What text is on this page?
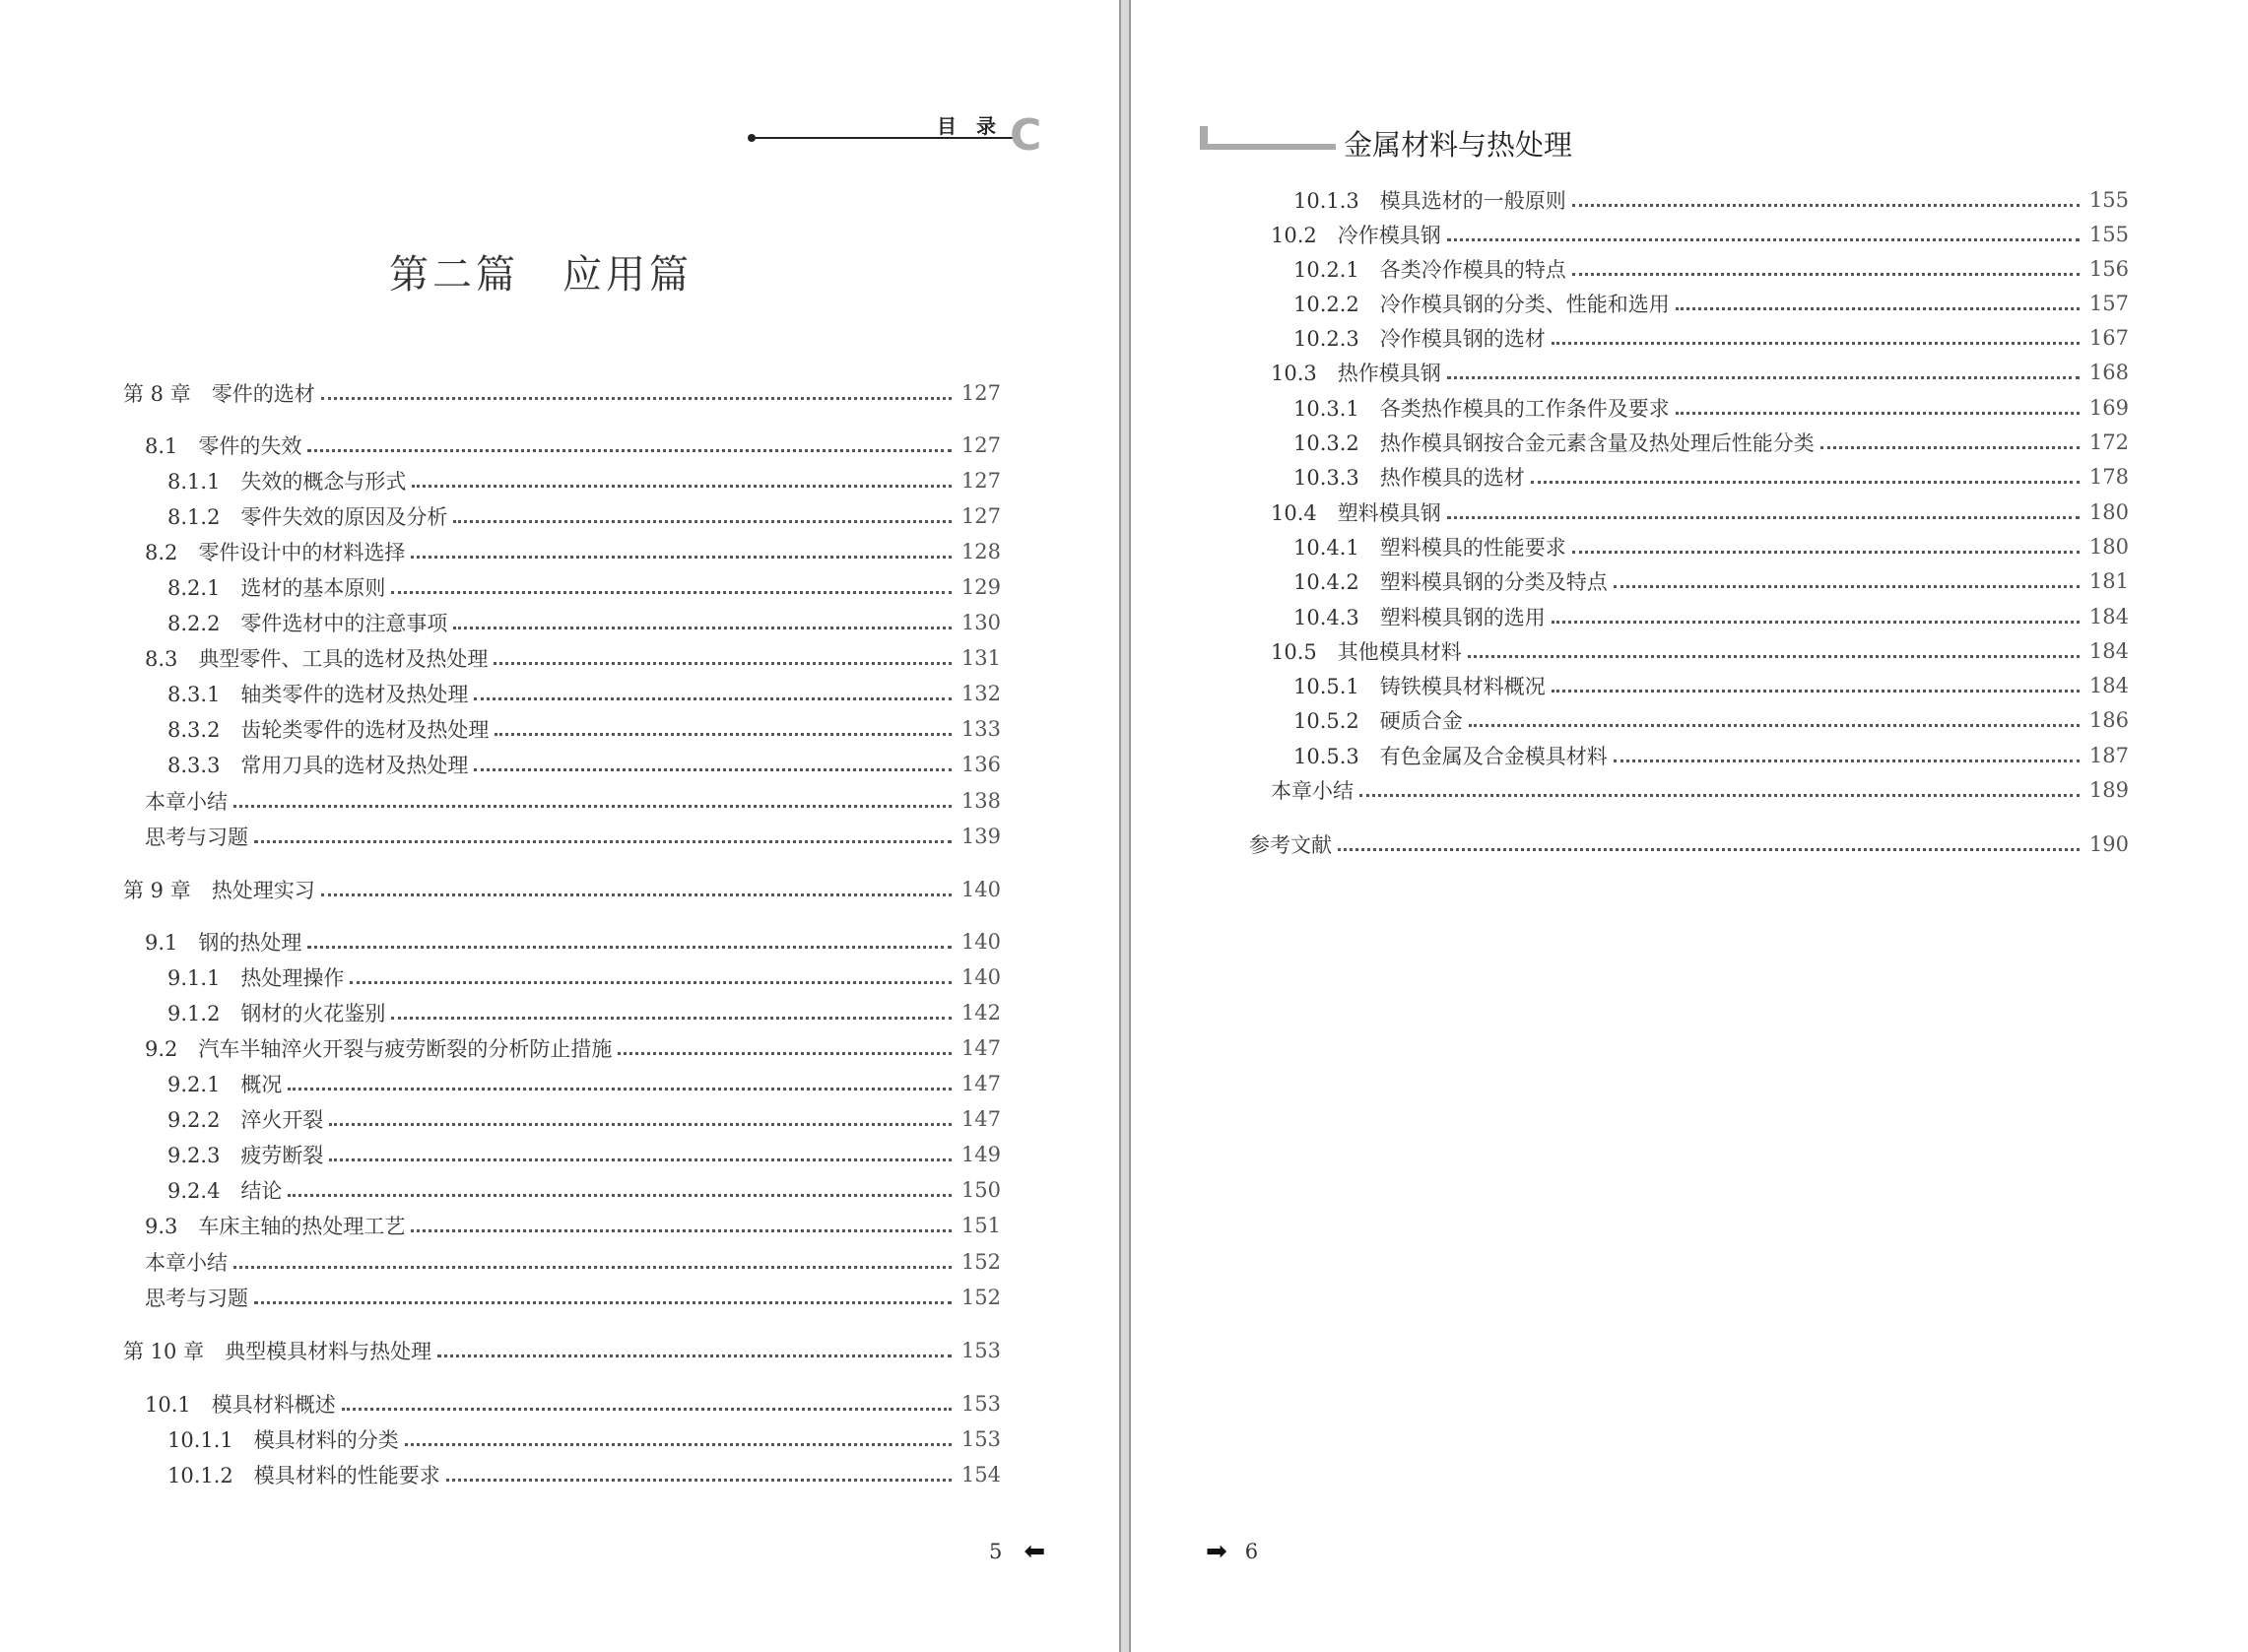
目录
C
第二篇　应用篇
第 8 章　零件的选材	127
8.1　零件的失效	127
8.1.1　失效的概念与形式	127
8.1.2　零件失效的原因及分析	127
8.2　零件设计中的材料选择	128
8.2.1　选材的基本原则	129
8.2.2　零件选材中的注意事项	130
8.3　典型零件、工具的选材及热处理	131
8.3.1　轴类零件的选材及热处理	132
8.3.2　齿轮类零件的选材及热处理	133
8.3.3　常用刀具的选材及热处理	136
本章小结	138
思考与习题	139
第 9 章　热处理实习	140
9.1　钢的热处理	140
9.1.1　热处理操作	140
9.1.2　钢材的火花鉴别	142
9.2　汽车半轴淬火开裂与疲劳断裂的分析防止措施	147
9.2.1　概况	147
9.2.2　淬火开裂	147
9.2.3　疲劳断裂	149
9.2.4　结论	150
9.3　车床主轴的热处理工艺	151
本章小结	152
思考与习题	152
第 10 章　典型模具材料与热处理	153
10.1　模具材料概述	153
10.1.1　模具材料的分类	153
10.1.2　模具材料的性能要求	154
5 ⬅
金属材料与热处理
10.1.3　模具选材的一般原则	155
10.2　冷作模具钢	155
10.2.1　各类冷作模具的特点	156
10.2.2　冷作模具钢的分类、性能和选用	157
10.2.3　冷作模具钢的选材	167
10.3　热作模具钢	168
10.3.1　各类热作模具的工作条件及要求	169
10.3.2　热作模具钢按合金元素含量及热处理后性能分类	172
10.3.3　热作模具的选材	178
10.4　塑料模具钢	180
10.4.1　塑料模具的性能要求	180
10.4.2　塑料模具钢的分类及特点	181
10.4.3　塑料模具钢的选用	184
10.5　其他模具材料	184
10.5.1　铸铁模具材料概况	184
10.5.2　硬质合金	186
10.5.3　有色金属及合金模具材料	187
本章小结	189
参考文献	190
➡ 6
